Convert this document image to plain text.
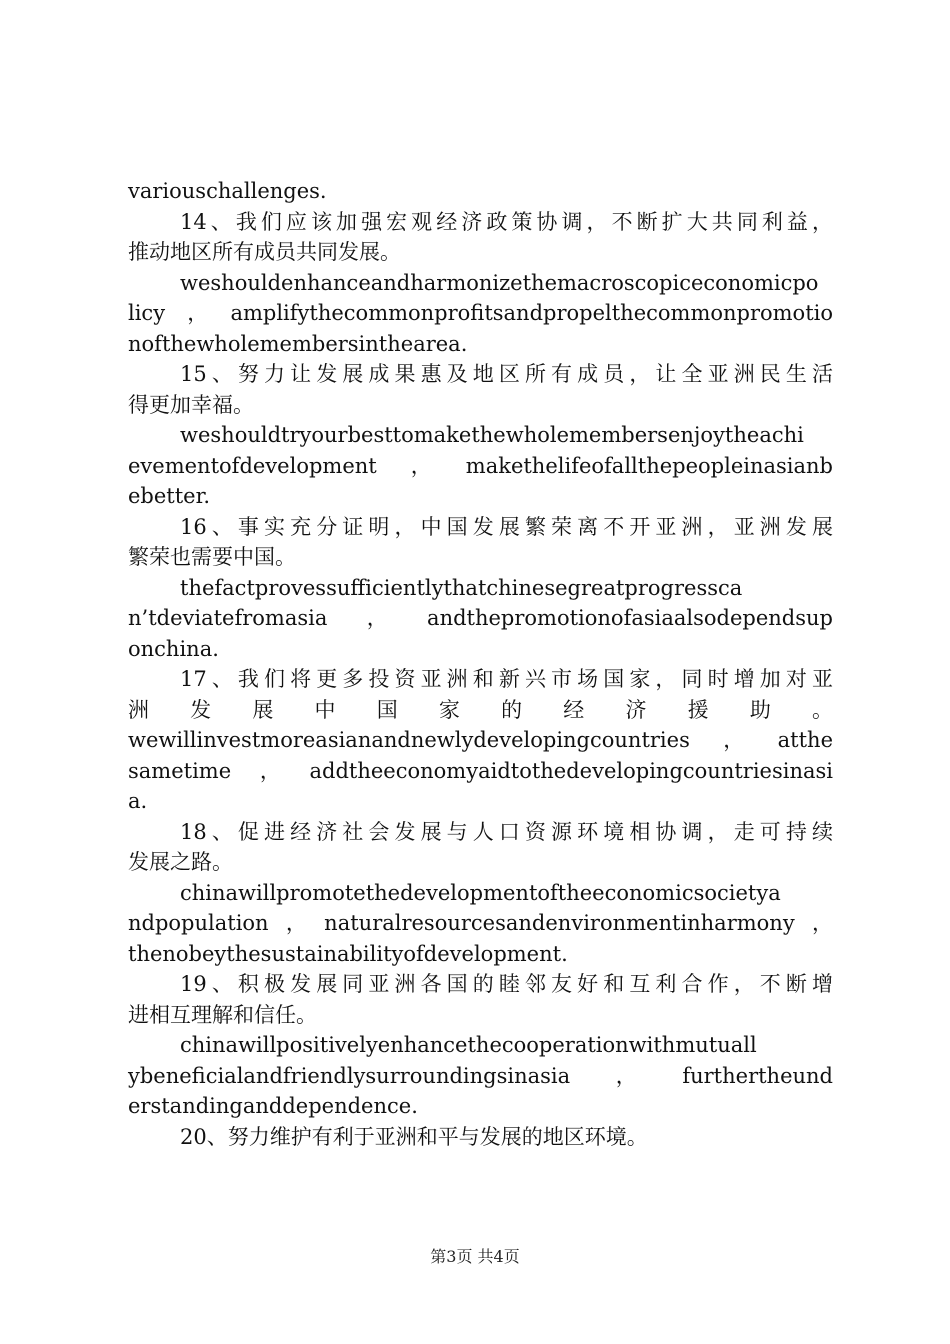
variouschallenges.
14、我们应该加强宏观经济政策协调，不断扩大共同利益，
推动地区所有成员共同发展。
weshouldenhanceandharmonizethemacroscopiceconomicpo
licy，amplifythecommonprofitsandpropelthecommonpromotio
nofthewholemembersinthearea.
15、努力让发展成果惠及地区所有成员，让全亚洲民生活
得更加幸福。
weshouldtryourbesttomakethewholemembersenjoytheachi
evementofdevelopment，makethelifeofallthepeopleinasianb
ebetter.
16、事实充分证明，中国发展繁荣离不开亚洲，亚洲发展
繁荣也需要中国。
thefactprovessufficientlythatchinesegreatprogressca
n’tdeviatefromasia，andthepromotionofasiaalsodependsup
onchina.
17、我们将更多投资亚洲和新兴市场国家，同时增加对亚
洲发展中国家的经济援助。
wewillinvestmoreasianandnewlydevelopingcountries，atthe
sametime，addtheeconomyaidtothedevelopingcountriesinasi
a.
18、促进经济社会发展与人口资源环境相协调，走可持续
发展之路。
chinawillpromotethedevelopmentoftheeconomicsocietya
ndpopulation，naturalresourcesandenvironmentinharmony，
thenobeythesustainabilityofdevelopment.
19、积极发展同亚洲各国的睦邻友好和互利合作，不断增
进相互理解和信任。
chinawillpositivelyenhancethecooperationwithmutuall
ybeneficialandfriendlysurroundingsinasia，furthertheund
erstandinganddependence.
20、努力维护有利于亚洲和平与发展的地区环境。
第3页 共4页
